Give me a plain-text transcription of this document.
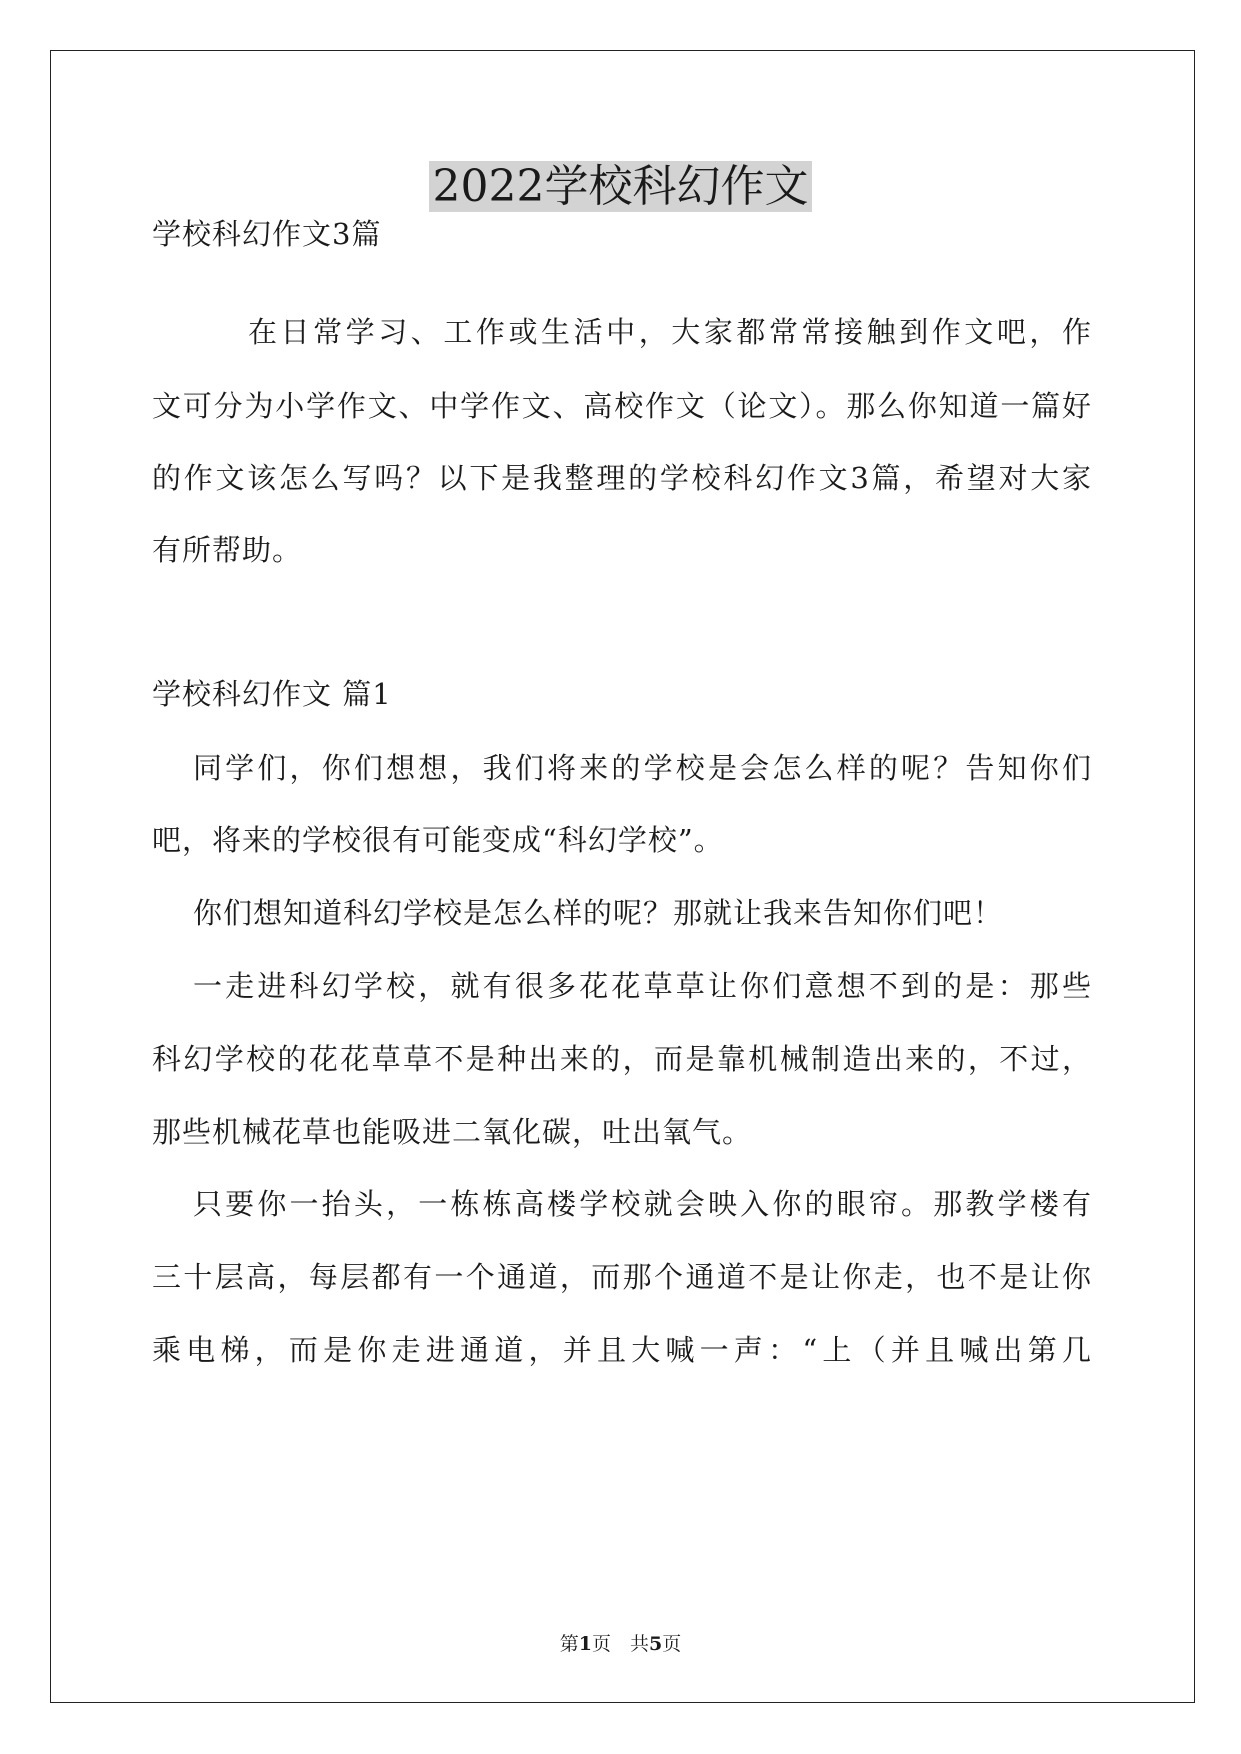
2022学校科幻作文

学校科幻作文3篇

在日常学习、工作或生活中，大家都常常接触到作文吧，作

文可分为小学作文、中学作文、高校作文（论文）。那么你知道一篇好

的作文该怎么写吗？以下是我整理的学校科幻作文3篇，希望对大家

有所帮助。

学校科幻作文 篇1

同学们，你们想想，我们将来的学校是会怎么样的呢？告知你们

吧，将来的学校很有可能变成“科幻学校”。

你们想知道科幻学校是怎么样的呢？那就让我来告知你们吧！

一走进科幻学校，就有很多花花草草让你们意想不到的是：那些

科幻学校的花花草草不是种出来的，而是靠机械制造出来的，不过，

那些机械花草也能吸进二氧化碳，吐出氧气。

只要你一抬头，一栋栋高楼学校就会映入你的眼帘。那教学楼有

三十层高，每层都有一个通道，而那个通道不是让你走，也不是让你

乘电梯，而是你走进通道，并且大喊一声：“上（并且喊出第几

第1页　共5页
